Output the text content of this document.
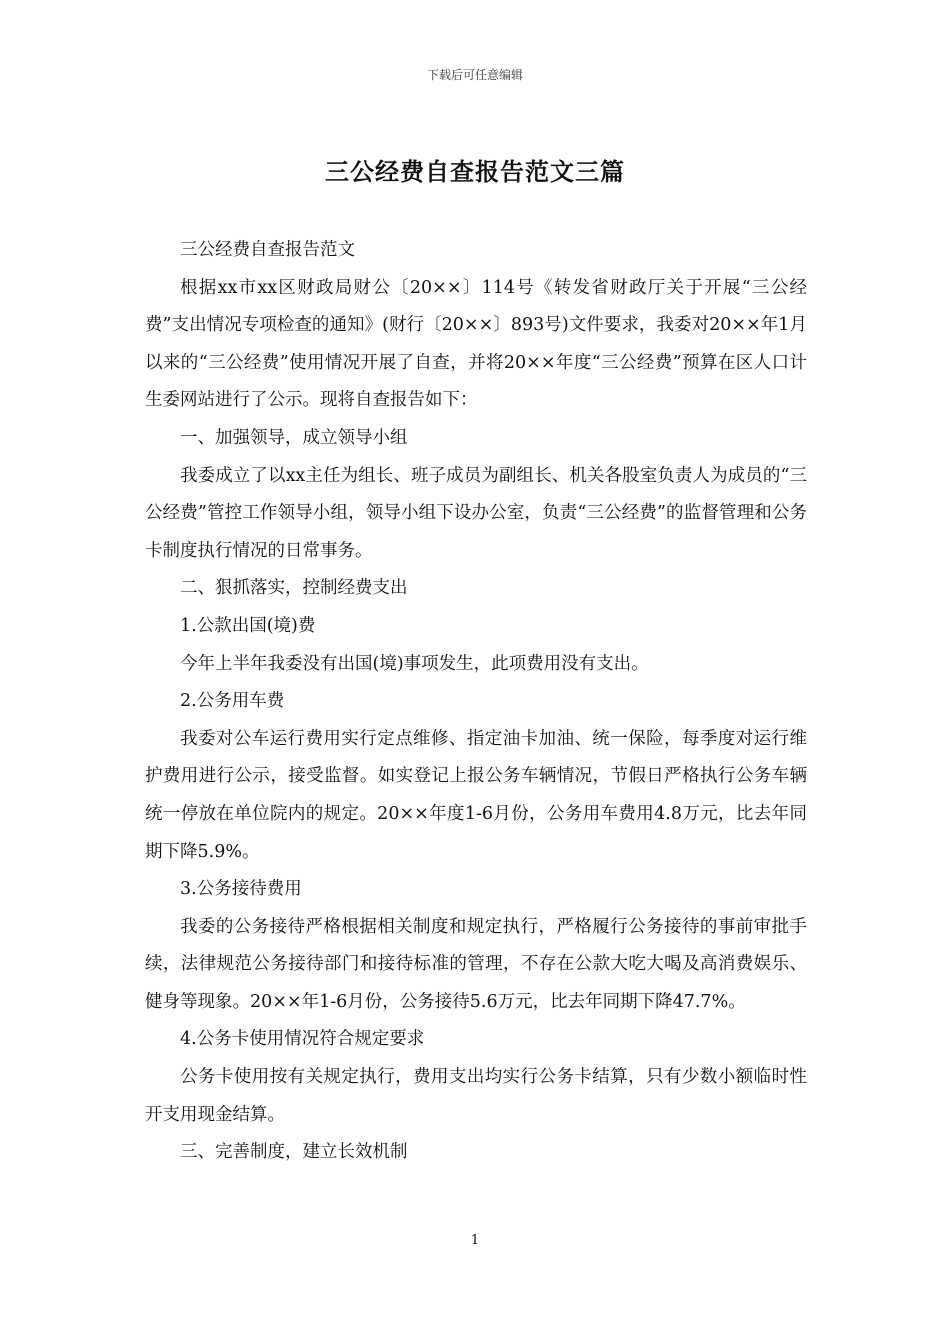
下载后可任意编辑
三公经费自查报告范文三篇

三公经费自查报告范文

根据xx市xx区财政局财公〔20××〕114号《转发省财政厅关于开展“三公经费”支出情况专项检查的通知》(财行〔20××〕893号)文件要求，我委对20××年1月以来的“三公经费”使用情况开展了自查，并将20××年度“三公经费”预算在区人口计生委网站进行了公示。现将自查报告如下：

一、加强领导，成立领导小组

我委成立了以xx主任为组长、班子成员为副组长、机关各股室负责人为成员的“三公经费”管控工作领导小组，领导小组下设办公室，负责“三公经费”的监督管理和公务卡制度执行情况的日常事务。

二、狠抓落实，控制经费支出

1.公款出国(境)费

今年上半年我委没有出国(境)事项发生，此项费用没有支出。

2.公务用车费

我委对公车运行费用实行定点维修、指定油卡加油、统一保险，每季度对运行维护费用进行公示，接受监督。如实登记上报公务车辆情况，节假日严格执行公务车辆统一停放在单位院内的规定。20××年度1-6月份，公务用车费用4.8万元，比去年同期下降5.9%。

3.公务接待费用

我委的公务接待严格根据相关制度和规定执行，严格履行公务接待的事前审批手续，法律规范公务接待部门和接待标准的管理，不存在公款大吃大喝及高消费娱乐、健身等现象。20××年1-6月份，公务接待5.6万元，比去年同期下降47.7%。

4.公务卡使用情况符合规定要求

公务卡使用按有关规定执行，费用支出均实行公务卡结算，只有少数小额临时性开支用现金结算。

三、完善制度，建立长效机制

1
